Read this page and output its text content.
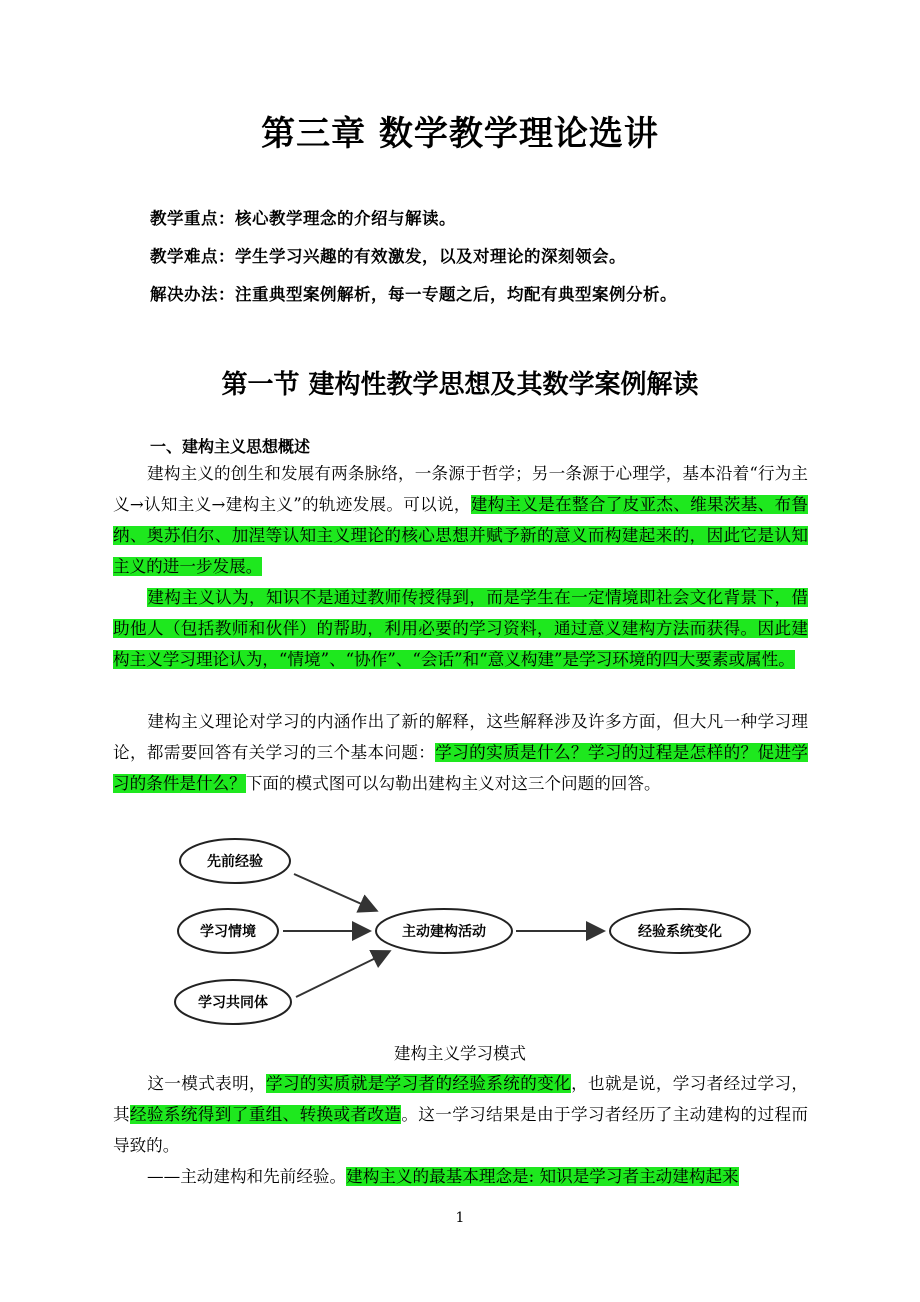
第三章 数学教学理论选讲
教学重点：核心教学理念的介绍与解读。
教学难点：学生学习兴趣的有效激发，以及对理论的深刻领会。
解决办法：注重典型案例解析，每一专题之后，均配有典型案例分析。
第一节 建构性教学思想及其数学案例解读
一、建构主义思想概述
建构主义的创生和发展有两条脉络，一条源于哲学；另一条源于心理学，基本沿着“行为主义→认知主义→建构主义”的轨迹发展。可以说，建构主义是在整合了皮亚杰、维果茨基、布鲁纳、奥苏伯尔、加涅等认知主义理论的核心思想并赋予新的意义而构建起来的，因此它是认知主义的进一步发展。
建构主义认为，知识不是通过教师传授得到，而是学生在一定情境即社会文化背景下，借助他人（包括教师和伙伴）的帮助，利用必要的学习资料，通过意义建构方法而获得。因此建构主义学习理论认为，“情境”、“协作”、“会话”和“意义构建”是学习环境的四大要素或属性。
建构主义理论对学习的内涵作出了新的解释，这些解释涉及许多方面，但大凡一种学习理论，都需要回答有关学习的三个基本问题：学习的实质是什么？学习的过程是怎样的？促进学习的条件是什么？下面的模式图可以勾勒出建构主义对这三个问题的回答。
先前经验
学习情境
学习共同体
主动建构活动	经验系统变化
建构主义学习模式
这一模式表明，学习的实质就是学习者的经验系统的变化，也就是说，学习者经过学习，其经验系统得到了重组、转换或者改造。这一学习结果是由于学习者经历了主动建构的过程而导致的。
——主动建构和先前经验。建构主义的最基本理念是: 知识是学习者主动建构起来
1
